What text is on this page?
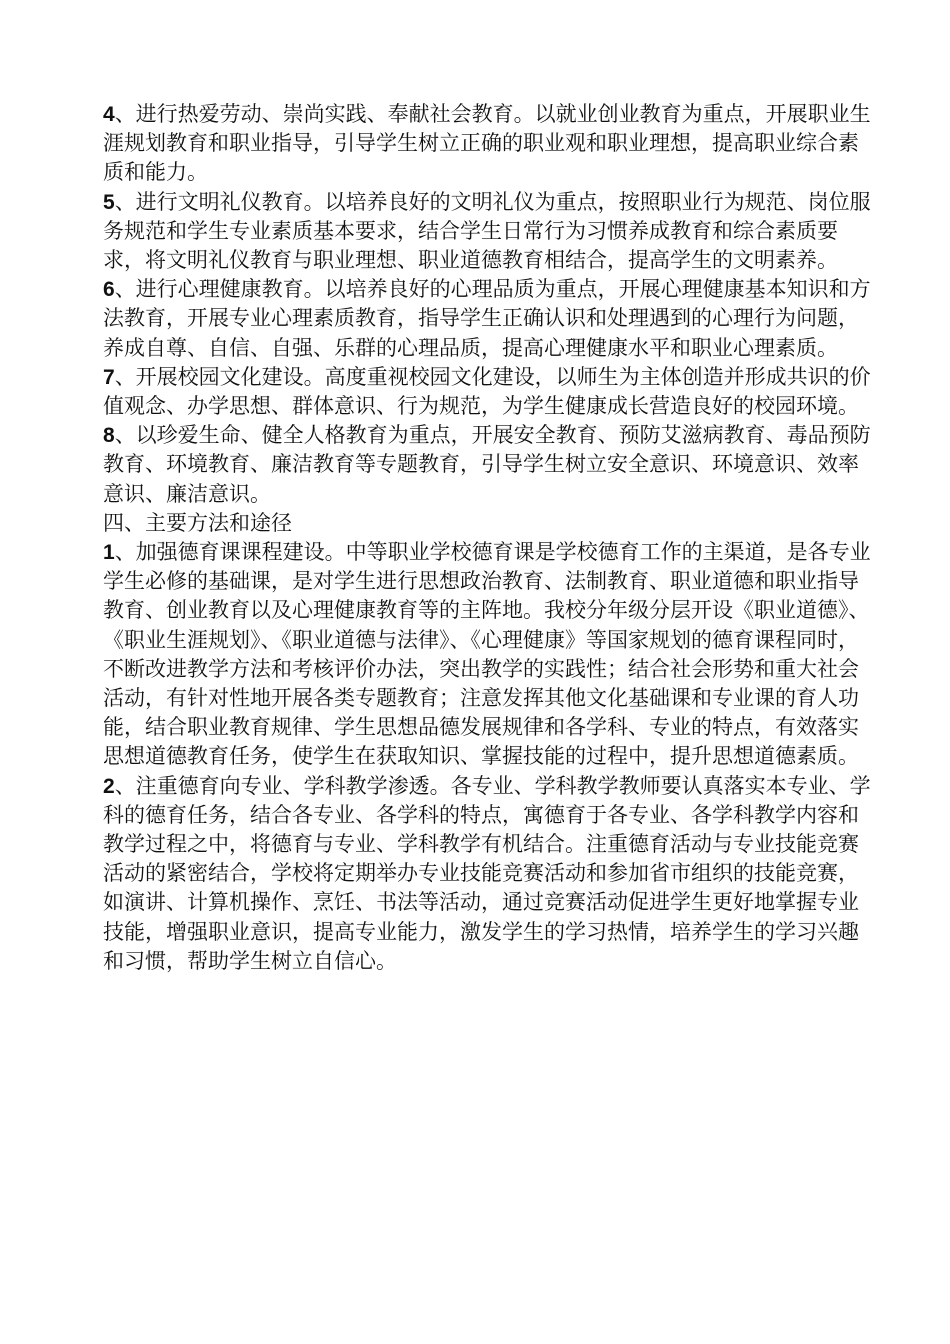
4、进行热爱劳动、崇尚实践、奉献社会教育。以就业创业教育为重点，开展职业生涯规划教育和职业指导，引导学生树立正确的职业观和职业理想，提高职业综合素质和能力。

5、进行文明礼仪教育。以培养良好的文明礼仪为重点，按照职业行为规范、岗位服务规范和学生专业素质基本要求，结合学生日常行为习惯养成教育和综合素质要求，将文明礼仪教育与职业理想、职业道德教育相结合，提高学生的文明素养。

6、进行心理健康教育。以培养良好的心理品质为重点，开展心理健康基本知识和方法教育，开展专业心理素质教育，指导学生正确认识和处理遇到的心理行为问题，养成自尊、自信、自强、乐群的心理品质，提高心理健康水平和职业心理素质。

7、开展校园文化建设。高度重视校园文化建设，以师生为主体创造并形成共识的价值观念、办学思想、群体意识、行为规范，为学生健康成长营造良好的校园环境。

8、以珍爱生命、健全人格教育为重点，开展安全教育、预防艾滋病教育、毒品预防教育、环境教育、廉洁教育等专题教育，引导学生树立安全意识、环境意识、效率意识、廉洁意识。

四、主要方法和途径

1、加强德育课课程建设。中等职业学校德育课是学校德育工作的主渠道，是各专业学生必修的基础课，是对学生进行思想政治教育、法制教育、职业道德和职业指导教育、创业教育以及心理健康教育等的主阵地。我校分年级分层开设《职业道德》、《职业生涯规划》、《职业道德与法律》、《心理健康》等国家规划的德育课程同时，不断改进教学方法和考核评价办法，突出教学的实践性；结合社会形势和重大社会活动，有针对性地开展各类专题教育；注意发挥其他文化基础课和专业课的育人功能，结合职业教育规律、学生思想品德发展规律和各学科、专业的特点，有效落实思想道德教育任务，使学生在获取知识、掌握技能的过程中，提升思想道德素质。

2、注重德育向专业、学科教学渗透。各专业、学科教学教师要认真落实本专业、学科的德育任务，结合各专业、各学科的特点，寓德育于各专业、各学科教学内容和教学过程之中，将德育与专业、学科教学有机结合。注重德育活动与专业技能竞赛活动的紧密结合，学校将定期举办专业技能竞赛活动和参加省市组织的技能竞赛，如演讲、计算机操作、烹饪、书法等活动，通过竞赛活动促进学生更好地掌握专业技能，增强职业意识，提高专业能力，激发学生的学习热情，培养学生的学习兴趣和习惯，帮助学生树立自信心。
